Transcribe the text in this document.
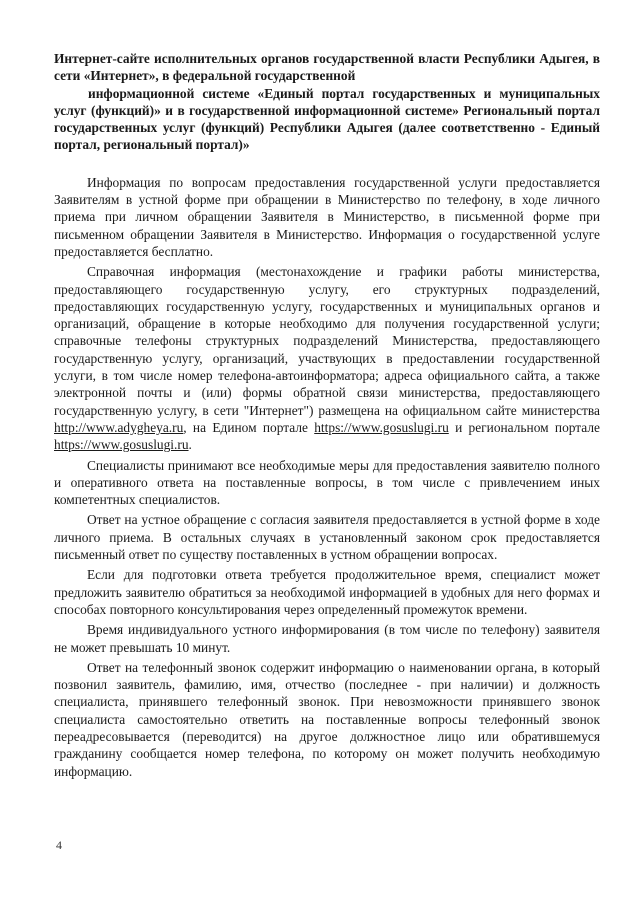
Интернет-сайте исполнительных органов государственной власти Республики Адыгея, в сети «Интернет», в федеральной государственной

информационной системе «Единый портал государственных и муниципальных услуг (функций)» и в государственной информационной системе» Региональный портал государственных услуг (функций) Республики Адыгея (далее соответственно - Единый портал, региональный портал)»

Информация по вопросам предоставления государственной услуги предоставляется Заявителям в устной форме при обращении в Министерство по телефону, в ходе личного приема при личном обращении Заявителя в Министерство, в письменной форме при письменном обращении Заявителя в Министерство. Информация о государственной услуге предоставляется бесплатно.

Справочная информация (местонахождение и графики работы министерства, предоставляющего государственную услугу, его структурных подразделений, предоставляющих государственную услугу, государственных и муниципальных органов и организаций, обращение в которые необходимо для получения государственной услуги; справочные телефоны структурных подразделений Министерства, предоставляющего государственную услугу, организаций, участвующих в предоставлении государственной услуги, в том числе номер телефона-автоинформатора; адреса официального сайта, а также электронной почты и (или) формы обратной связи министерства, предоставляющего государственную услугу, в сети "Интернет") размещена на официальном сайте министерства http://www.adygheya.ru, на Едином портале https://www.gosuslugi.ru и региональном портале https://www.gosuslugi.ru.

Специалисты принимают все необходимые меры для предоставления заявителю полного и оперативного ответа на поставленные вопросы, в том числе с привлечением иных компетентных специалистов.

Ответ на устное обращение с согласия заявителя предоставляется в устной форме в ходе личного приема. В остальных случаях в установленный законом срок предоставляется письменный ответ по существу поставленных в устном обращении вопросах.

Если для подготовки ответа требуется продолжительное время, специалист может предложить заявителю обратиться за необходимой информацией в удобных для него формах и способах повторного консультирования через определенный промежуток времени.

Время индивидуального устного информирования (в том числе по телефону) заявителя не может превышать 10 минут.

Ответ на телефонный звонок содержит информацию о наименовании органа, в который позвонил заявитель, фамилию, имя, отчество (последнее - при наличии) и должность специалиста, принявшего телефонный звонок. При невозможности принявшего звонок специалиста самостоятельно ответить на поставленные вопросы телефонный звонок переадресовывается (переводится) на другое должностное лицо или обратившемуся гражданину сообщается номер телефона, по которому он может получить необходимую информацию.

4
